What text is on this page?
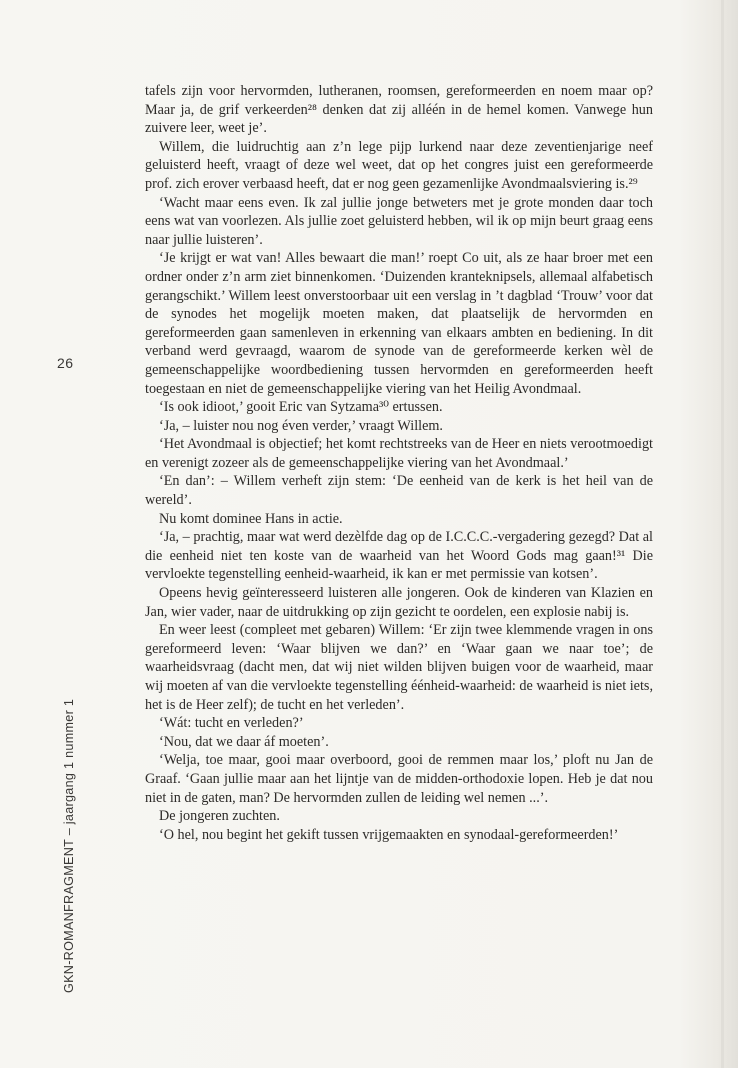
26
GKN-ROMANFRAGMENT – jaargang 1 nummer 1

tafels zijn voor hervormden, lutheranen, roomsen, gereformeerden en noem maar op? Maar ja, de grif verkeerden²⁸ denken dat zij alléén in de hemel komen. Vanwege hun zuivere leer, weet je’.

Willem, die luidruchtig aan z’n lege pijp lurkend naar deze zeventienjarige neef geluisterd heeft, vraagt of deze wel weet, dat op het congres juist een gereformeerde prof. zich erover verbaasd heeft, dat er nog geen gezamenlijke Avondmaalsviering is.²⁹

‘Wacht maar eens even. Ik zal jullie jonge betweters met je grote monden daar toch eens wat van voorlezen. Als jullie zoet geluisterd hebben, wil ik op mijn beurt graag eens naar jullie luisteren’.

‘Je krijgt er wat van! Alles bewaart die man!’ roept Co uit, als ze haar broer met een ordner onder z’n arm ziet binnenkomen. ‘Duizenden kranteknipsels, allemaal alfabetisch gerangschikt.’ Willem leest onverstoorbaar uit een verslag in ’t dagblad ‘Trouw’ voor dat de synodes het mogelijk moeten maken, dat plaatselijk de hervormden en gereformeerden gaan samenleven in erkenning van elkaars ambten en bediening. In dit verband werd gevraagd, waarom de synode van de gereformeerde kerken wèl de gemeenschappelijke woordbediening tussen hervormden en gereformeerden heeft toegestaan en niet de gemeenschappelijke viering van het Heilig Avondmaal.

‘Is ook idioot,’ gooit Eric van Sytzama³⁰ ertussen.

‘Ja, – luister nou nog éven verder,’ vraagt Willem.

‘Het Avondmaal is objectief; het komt rechtstreeks van de Heer en niets verootmoedigt en verenigt zozeer als de gemeenschappelijke viering van het Avondmaal.’

‘En dan’: – Willem verheft zijn stem: ‘De eenheid van de kerk is het heil van de wereld’.

Nu komt dominee Hans in actie.

‘Ja, – prachtig, maar wat werd dezèlfde dag op de I.C.C.C.-vergadering gezegd? Dat al die eenheid niet ten koste van de waarheid van het Woord Gods mag gaan!³¹ Die vervloekte tegenstelling eenheid-waarheid, ik kan er met permissie van kotsen’.

Opeens hevig geïnteresseerd luisteren alle jongeren. Ook de kinderen van Klazien en Jan, wier vader, naar de uitdrukking op zijn gezicht te oordelen, een explosie nabij is.

En weer leest (compleet met gebaren) Willem: ‘Er zijn twee klemmende vragen in ons gereformeerd leven: ‘Waar blijven we dan?’ en ‘Waar gaan we naar toe’; de waarheidsvraag (dacht men, dat wij niet wilden blijven buigen voor de waarheid, maar wij moeten af van die vervloekte tegenstelling éénheid-waarheid: de waarheid is niet iets, het is de Heer zelf); de tucht en het verleden’.

‘Wát: tucht en verleden?’

‘Nou, dat we daar áf moeten’.

‘Welja, toe maar, gooi maar overboord, gooi de remmen maar los,’ ploft nu Jan de Graaf. ‘Gaan jullie maar aan het lijntje van de midden-orthodoxie lopen. Heb je dat nou niet in de gaten, man? De hervormden zullen de leiding wel nemen ...’.

De jongeren zuchten.

‘O hel, nou begint het gekift tussen vrijgemaakten en synodaal-gereformeerden!’
